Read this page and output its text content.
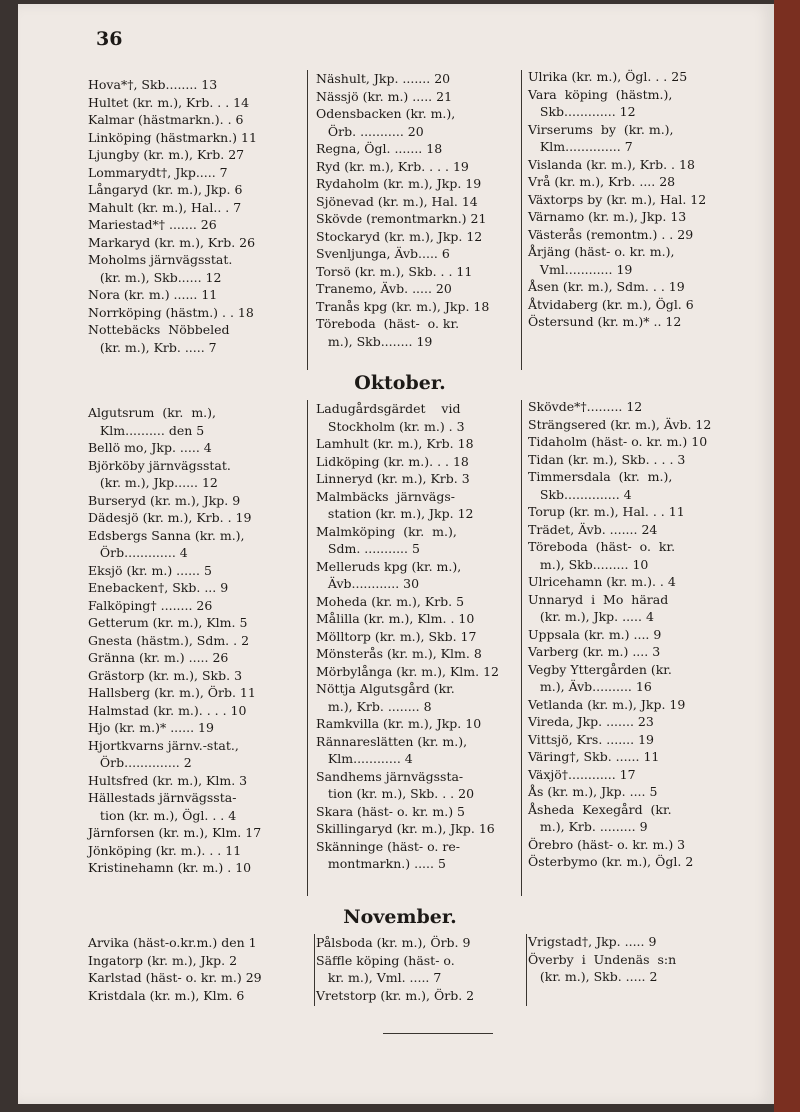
36
Hova*†, Skb........ 13
Hultet (kr. m.), Krb. . . 14
Kalmar (hästmarkn.). . 6
Linköping (hästmarkn.) 11
Ljungby (kr. m.), Krb. 27
Lommarydt†, Jkp..... 7
Långaryd (kr. m.), Jkp. 6
Mahult (kr. m.), Hal.. . 7
Mariestad*† ....... 26
Markaryd (kr. m.), Krb. 26
Moholms järnvägsstat.
(kr. m.), Skb...... 12
Nora (kr. m.) ...... 11
Norrköping (hästm.) . . 18
Nottebäcks  Nöbbeled
(kr. m.), Krb. ..... 7
Näshult, Jkp. ....... 20
Nässjö (kr. m.) ..... 21
Odensbacken (kr. m.),
Örb. ........... 20
Regna, Ögl. ....... 18
Ryd (kr. m.), Krb. . . . 19
Rydaholm (kr. m.), Jkp. 19
Sjönevad (kr. m.), Hal. 14
Skövde (remontmarkn.) 21
Stockaryd (kr. m.), Jkp. 12
Svenljunga, Ävb..... 6
Torsö (kr. m.), Skb. . . 11
Tranemo, Ävb. ..... 20
Tranås kpg (kr. m.), Jkp. 18
Töreboda  (häst-  o. kr.
m.), Skb........ 19
Ulrika (kr. m.), Ögl. . . 25
Vara  köping  (hästm.),
Skb............. 12
Virserums  by  (kr. m.),
Klm.............. 7
Vislanda (kr. m.), Krb. . 18
Vrå (kr. m.), Krb. .... 28
Växtorps by (kr. m.), Hal. 12
Värnamo (kr. m.), Jkp. 13
Västerås (remontm.) . . 29
Årjäng (häst- o. kr. m.),
Vml............ 19
Åsen (kr. m.), Sdm. . . 19
Åtvidaberg (kr. m.), Ögl. 6
Östersund (kr. m.)* .. 12
Oktober.
Algutsrum  (kr.  m.),
Klm.......... den 5
Bellö mo, Jkp. ..... 4
Björköby järnvägsstat.
(kr. m.), Jkp...... 12
Burseryd (kr. m.), Jkp. 9
Dädesjö (kr. m.), Krb. . 19
Edsbergs Sanna (kr. m.),
Örb............. 4
Eksjö (kr. m.) ...... 5
Enebacken†, Skb. ... 9
Falköping† ........ 26
Getterum (kr. m.), Klm. 5
Gnesta (hästm.), Sdm. . 2
Gränna (kr. m.) ..... 26
Grästorp (kr. m.), Skb. 3
Hallsberg (kr. m.), Örb. 11
Halmstad (kr. m.). . . . 10
Hjo (kr. m.)* ...... 19
Hjortkvarns järnv.-stat.,
Örb.............. 2
Hultsfred (kr. m.), Klm. 3
Hällestads järnvägssta-
tion (kr. m.), Ögl. . . 4
Järnforsen (kr. m.), Klm. 17
Jönköping (kr. m.). . . 11
Kristinehamn (kr. m.) . 10
Ladugårdsgärdet    vid
Stockholm (kr. m.) . 3
Lamhult (kr. m.), Krb. 18
Lidköping (kr. m.). . . 18
Linneryd (kr. m.), Krb. 3
Malmbäcks  järnvägs-
station (kr. m.), Jkp. 12
Malmköping  (kr.  m.),
Sdm. ........... 5
Melleruds kpg (kr. m.),
Ävb............ 30
Moheda (kr. m.), Krb. 5
Målilla (kr. m.), Klm. . 10
Mölltorp (kr. m.), Skb. 17
Mönsterås (kr. m.), Klm. 8
Mörbylånga (kr. m.), Klm. 12
Nöttja Algutsgård (kr.
m.), Krb. ........ 8
Ramkvilla (kr. m.), Jkp. 10
Rännareslätten (kr. m.),
Klm............ 4
Sandhems järnvägssta-
tion (kr. m.), Skb. . . 20
Skara (häst- o. kr. m.) 5
Skillingaryd (kr. m.), Jkp. 16
Skänninge (häst- o. re-
montmarkn.) ..... 5
Skövde*†......... 12
Strängsered (kr. m.), Ävb. 12
Tidaholm (häst- o. kr. m.) 10
Tidan (kr. m.), Skb. . . . 3
Timmersdala  (kr.  m.),
Skb.............. 4
Torup (kr. m.), Hal. . . 11
Trädet, Ävb. ....... 24
Töreboda  (häst-  o.  kr.
m.), Skb......... 10
Ulricehamn (kr. m.). . 4
Unnaryd  i  Mo  härad
(kr. m.), Jkp. ..... 4
Uppsala (kr. m.) .... 9
Varberg (kr. m.) .... 3
Vegby Yttergården (kr.
m.), Ävb.......... 16
Vetlanda (kr. m.), Jkp. 19
Vireda, Jkp. ....... 23
Vittsjö, Krs. ....... 19
Väring†, Skb. ...... 11
Växjö†............ 17
Ås (kr. m.), Jkp. .... 5
Åsheda  Kexegård  (kr.
m.), Krb. ......... 9
Örebro (häst- o. kr. m.) 3
Österbymo (kr. m.), Ögl. 2
November.
Arvika (häst-o.kr.m.) den 1
Ingatorp (kr. m.), Jkp. 2
Karlstad (häst- o. kr. m.) 29
Kristdala (kr. m.), Klm. 6
Pålsboda (kr. m.), Örb. 9
Säffle köping (häst- o.
kr. m.), Vml. ..... 7
Vretstorp (kr. m.), Örb. 2
Vrigstad†, Jkp. ..... 9
Överby  i  Undenäs  s:n
(kr. m.), Skb. ..... 2
